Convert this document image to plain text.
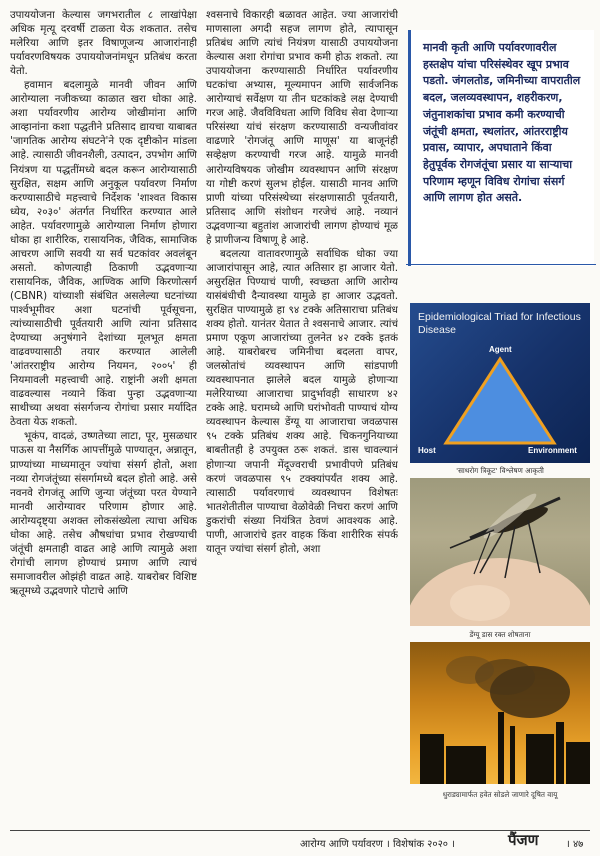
उपाययोजना केल्यास जगभरातील ८ लाखांपेक्षा अधिक मृत्यू दरवर्षी टाळता येऊ शकतात. तसेच मलेरिया आणि इतर विषाणूजन्य आजारांनाही पर्यावरणविषयक उपाययोजनांमधून प्रतिबंध करता येतो.

हवामान बदलामुळे मानवी जीवन आणि आरोग्याला नजीकच्या काळात खरा धोका आहे. अशा पर्यावरणीय आरोग्य जोखीमांना आणि आव्हानांना कशा पद्धतीने प्रतिसाद द्यायचा याबाबत 'जागतिक आरोग्य संघटने'ने एक दृष्टीकोन मांडला आहे. त्यासाठी जीवनशैली, उत्पादन, उपभोग आणि नियंत्रण या पद्धतींमध्ये बदल करून आरोग्यासाठी सुरक्षित, सक्षम आणि अनुकूल पर्यावरण निर्माण करण्यासाठीचे महत्त्वाचे निर्देशक 'शाश्वत विकास ध्येय, २०३०' अंतर्गत निर्धारित करण्यात आले आहेत. पर्यावरणामुळे आरोग्याला निर्माण होणारा धोका हा शारीरिक, रासायनिक, जैविक, सामाजिक आचरण आणि सवयी या सर्व घटकांवर अवलंबून असतो. कोणत्याही ठिकाणी उद्भवणाऱ्या रासायनिक, जैविक, आण्विक आणि किरणोत्सर्ग (CBNR) यांच्याशी संबंधित असलेल्या घटनांच्या पार्श्वभूमीवर अशा घटनांची पूर्वसूचना, त्यांच्यासाठीची पूर्वतयारी आणि त्यांना प्रतिसाद देण्याच्या अनुषंगाने देशांच्या मूलभूत क्षमता वाढवण्यासाठी तयार करण्यात आलेली 'आंतरराष्ट्रीय आरोग्य नियमन, २००५' ही नियमावली महत्त्वाची आहे. राष्ट्रांनी अशी क्षमता वाढवल्यास नव्याने किंवा पुन्हा उद्भवणाऱ्या साथीच्या अथवा संसर्गजन्य रोगांचा प्रसार मर्यादित ठेवता येऊ शकतो.

भूकंप, वादळं, उष्णतेच्या लाटा, पूर, मुसळधार पाऊस या नैसर्गिक आपत्तींमुळे पाण्यातून, अन्नातून, प्राण्यांच्या माध्यमातून ज्यांचा संसर्ग होतो, अशा नव्या रोगजंतूंच्या संसर्गामध्ये बदल होतो आहे. असे नवनवे रोगजंतू आणि जुन्या जंतूंच्या परत येण्याने मानवी आरोग्यावर परिणाम होणार आहे. आरोग्यदृष्ट्या अशक्त लोकसंख्येला त्याचा अधिक धोका आहे. तसेच औषधांचा प्रभाव रोखण्याची जंतूंची क्षमताही वाढत आहे आणि त्यामुळे अशा रोगांची लागण होण्याचं प्रमाण आणि त्याचं समाजावरील ओझंही वाढत आहे. याबरोबर विशिष्ट ऋतूमध्ये उद्भवणारे पोटाचे आणि

श्वसनाचे विकारही बळावत आहेत. ज्या आजारांची माणसाला अगदी सहज लागण होते, त्यापासून प्रतिबंध आणि त्यांचं नियंत्रण यासाठी उपाययोजना केल्यास अशा रोगांचा प्रभाव कमी होऊ शकतो. त्या उपाययोजना करण्यासाठी निर्धारित पर्यावरणीय घटकांचा अभ्यास, मूल्यमापन आणि सार्वजनिक आरोग्याचं सर्वेक्षण या तीन घटकांकडे लक्ष देण्याची गरज आहे. जैवविविधता आणि विविध सेवा देणाऱ्या परिसंस्था यांचं संरक्षण करण्यासाठी वन्यजीवांवर वाढणारे 'रोगजंतू आणि माणूस' या बाजूनंही सव्हेक्षण करण्याची गरज आहे. यामुळे मानवी आरोग्यविषयक जोखीम व्यवस्थापन आणि संरक्षण या गोष्टी करणं सुलभ होईल. यासाठी मानव आणि प्राणी यांच्या परिसंस्थेच्या संरक्षणासाठी पूर्वतयारी, प्रतिसाद आणि संशोधन गरजेचं आहे. नव्यानं उद्भवणाऱ्या बहुतांश आजारांची लागण होण्याचं मूळ हे प्राणीजन्य विषाणू हे आहे.

बदलत्या वातावरणामुळे सर्वाधिक धोका ज्या आजारांपासून आहे, त्यात अतिसार हा आजार येतो. असुरक्षित पिण्याचं पाणी, स्वच्छता आणि आरोग्य यासंबंधीची दैन्यावस्था यामुळे हा आजार उद्भवतो. सुरक्षित पाण्यामुळे हा ९४ टक्के अतिसाराचा प्रतिबंध शक्य होतो. यानंतर येतात ते श्वसनाचे आजार. त्यांचं प्रमाण एकूण आजारांच्या तुलनेत ४२ टक्के इतकं आहे. याबरोबरच जमिनीचा बदलता वापर, जलस्रोतांचं व्यवस्थापन आणि सांडपाणी व्यवस्थापनात झालेले बदल यामुळे होणाऱ्या मलेरियाच्या आजाराचा प्रादुर्भावही साधारण ४२ टक्के आहे. घरामध्ये आणि घरांभोवती पाण्याचं योग्य व्यवस्थापन केल्यास डेंग्यू या आजाराचा जवळपास ९५ टक्के प्रतिबंध शक्य आहे. चिकनगुनियाच्या बाबतीतही हे उपयुक्त ठरू शकतं. डास चावल्यानं होणाऱ्या जपानी मेंदूज्वराची प्रभावीपणे प्रतिबंध करणं जवळपास ९५ टक्क्यांपर्यंत शक्य आहे. त्यासाठी पर्यावरणाचं व्यवस्थापन विशेषतः भातशेतीतील पाण्याचा वेळोवेळी निचरा करणं आणि डुकरांची संख्या नियंत्रित ठेवणं आवश्यक आहे. पाणी, आजारांचे इतर वाहक किंवा शारीरिक संपर्क यातून ज्यांचा संसर्ग होतो, अशा

मानवी कृती आणि पर्यावरणावरील हस्तक्षेप यांचा परिसंस्थेवर खूप प्रभाव पडतो. जंगलतोड, जमिनीच्या वापरातील बदल, जलव्यवस्थापन, शहरीकरण, जंतुनाशकांचा प्रभाव कमी करण्याची जंतूंची क्षमता, स्थलांतर, आंतरराष्ट्रीय प्रवास, व्यापार, अपघाताने किंवा हेतुपूर्वक रोगजंतूंचा प्रसार या साऱ्याचा परिणाम म्हणून विविध रोगांचा संसर्ग आणि लागण होत असते.

Epidemiological Triad for Infectious Disease
Agent
Host	Environment
'साथरोग त्रिकूट' विश्लेषण आकृती
डेंग्यू डास रक्त शोषताना
धुराड्यामार्फत हवेत सोडले जाणारे दूषित वायू
आरोग्य आणि पर्यावरण । विशेषांक २०२० ।	पैंजण	। ४७
